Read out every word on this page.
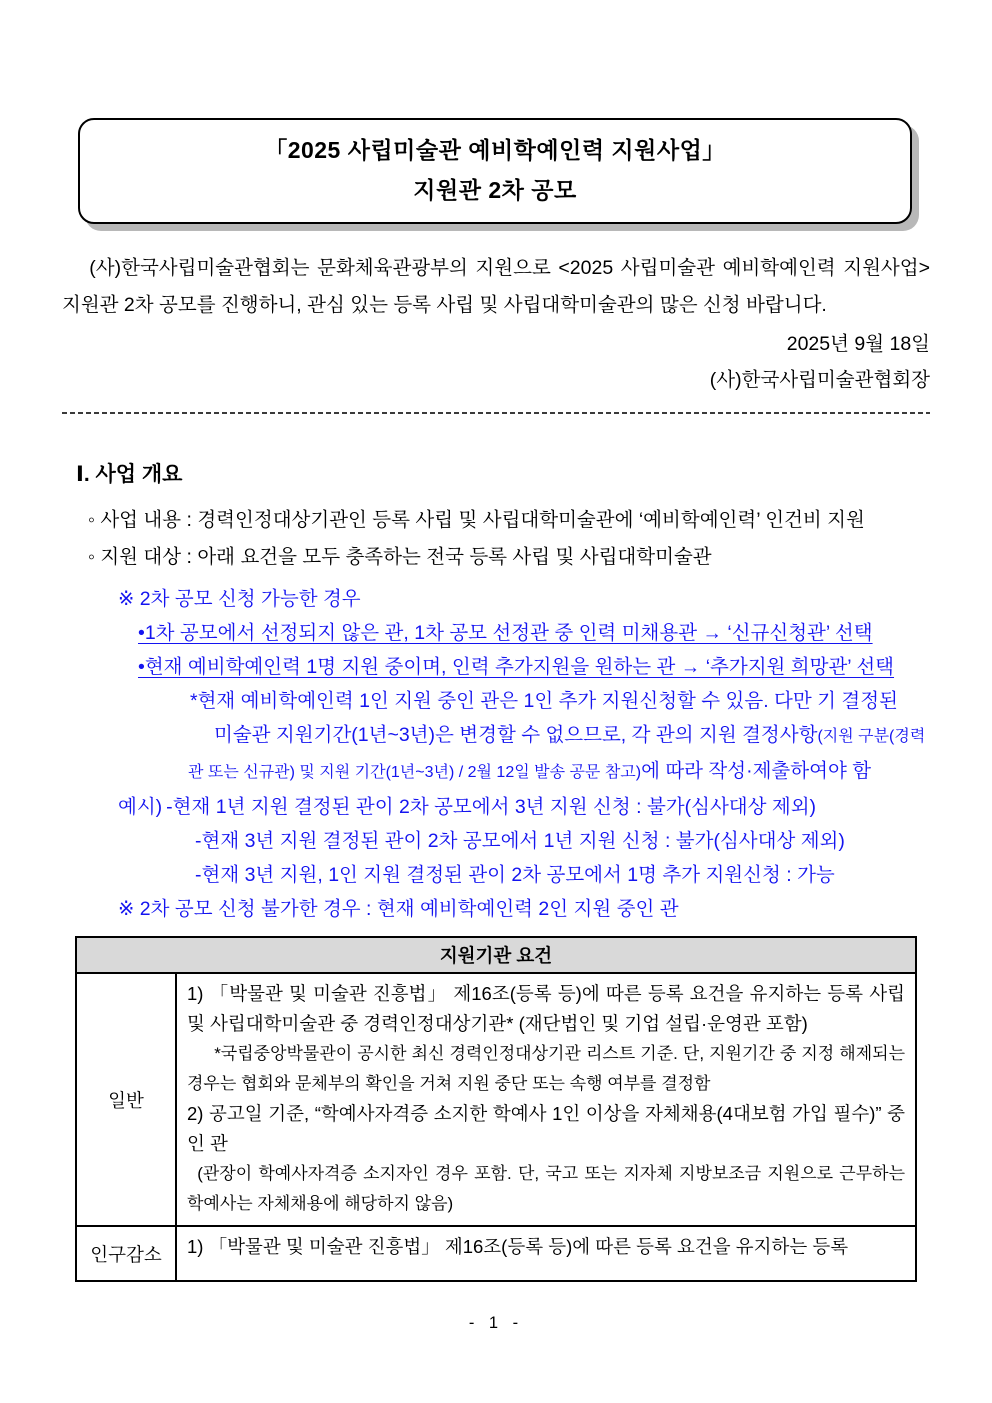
「2025 사립미술관 예비학예인력 지원사업」
지원관 2차 공모

(사)한국사립미술관협회는 문화체육관광부의 지원으로 <2025 사립미술관 예비학예인력 지원사업> 지원관 2차 공모를 진행하니, 관심 있는 등록 사립 및 사립대학미술관의 많은 신청 바랍니다.

2025년 9월 18일
(사)한국사립미술관협회장
Ⅰ. 사업 개요
◦ 사업 내용 : 경력인정대상기관인 등록 사립 및 사립대학미술관에 ‘예비학예인력’ 인건비 지원
◦ 지원 대상 : 아래 요건을 모두 충족하는 전국 등록 사립 및 사립대학미술관
※ 2차 공모 신청 가능한 경우
•1차 공모에서 선정되지 않은 관, 1차 공모 선정관 중 인력 미채용관 → ‘신규신청관’ 선택
•현재 예비학예인력 1명 지원 중이며, 인력 추가지원을 원하는 관 → ‘추가지원 희망관’ 선택
*현재 예비학예인력 1인 지원 중인 관은 1인 추가 지원신청할 수 있음. 다만 기 결정된
미술관 지원기간(1년~3년)은 변경할 수 없으므로, 각 관의 지원 결정사항(지원 구분(경력
관 또는 신규관) 및 지원 기간(1년~3년) / 2월 12일 발송 공문 참고)에 따라 작성·제출하여야 함
예시) -현재 1년 지원 결정된 관이 2차 공모에서 3년 지원 신청 : 불가(심사대상 제외)
-현재 3년 지원 결정된 관이 2차 공모에서 1년 지원 신청 : 불가(심사대상 제외)
-현재 3년 지원, 1인 지원 결정된 관이 2차 공모에서 1명 추가 지원신청 : 가능
※ 2차 공모 신청 불가한 경우 : 현재 예비학예인력 2인 지원 중인 관
지원기관 요건	
일반	1) 「박물관 및 미술관 진흥법」 제16조(등록 등)에 따른 등록 요건을 유지하는 등록 사립 및 사립대학미술관 중 경력인정대상기관* (재단법인 및 기업 설립·운영관 포함)

*국립중앙박물관이 공시한 최신 경력인정대상기관 리스트 기준. 단, 지원기간 중 지정 해제되는 경우는 협회와 문체부의 확인을 거쳐 지원 중단 또는 속행 여부를 결정함

2) 공고일 기준, “학예사자격증 소지한 학예사 1인 이상을 자체채용(4대보험 가입 필수)” 중인 관

(관장이 학예사자격증 소지자인 경우 포함. 단, 국고 또는 지자체 지방보조금 지원으로 근무하는 학예사는 자체채용에 해당하지 않음)

인구감소	1) 「박물관 및 미술관 진흥법」 제16조(등록 등)에 따른 등록 요건을 유지하는 등록

- 1 -
